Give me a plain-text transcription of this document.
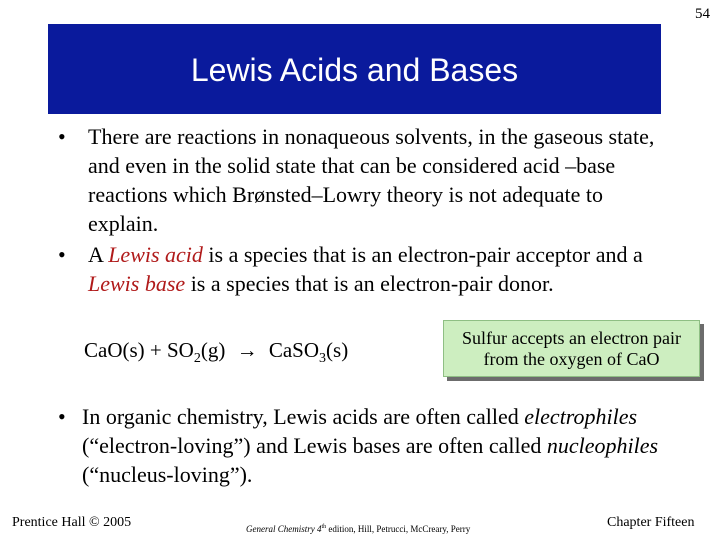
54
Lewis Acids and Bases
• There are reactions in nonaqueous solvents, in the gaseous state, and even in the solid state that can be considered acid –base reactions which Brønsted–Lowry theory is not adequate to explain.
• A Lewis acid is a species that is an electron-pair acceptor and a Lewis base is a species that is an electron-pair donor.
$CaO(s) + SO_2(g)$ → CaSO$_3$(s)
Sulfur accepts an electron pair
from the oxygen of CaO
• In organic chemistry, Lewis acids are often called electrophiles (“electron-loving”) and Lewis bases are often called nucleophiles (“nucleus-loving”).
Prentice Hall © 2005	General Chemistry 4th edition, Hill, Petrucci, McCreary, Perry	Chapter Fifteen
